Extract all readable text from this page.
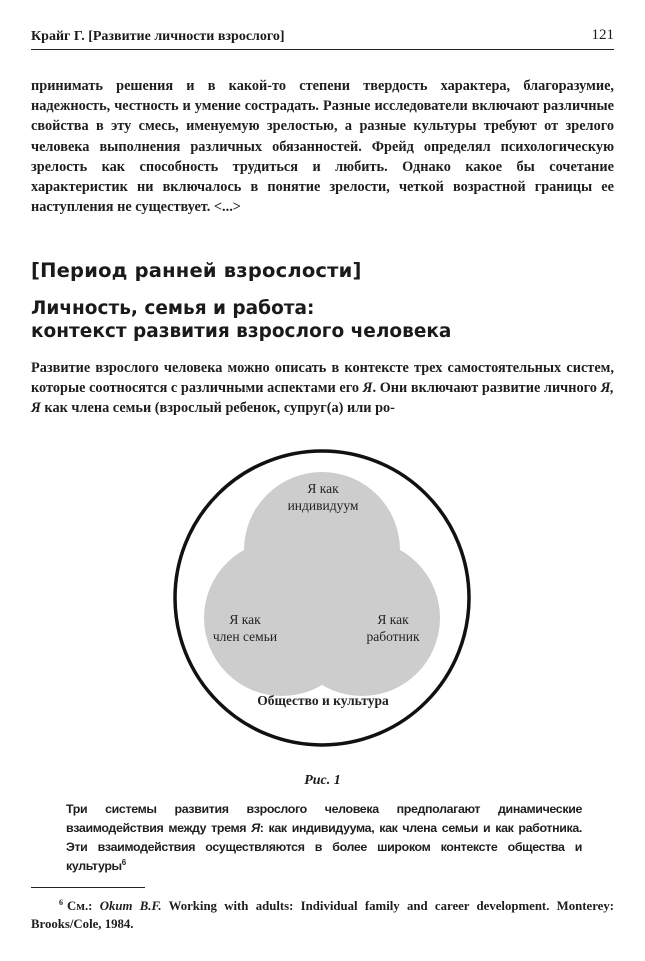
Крайг Г. [Развитие личности взрослого]	121

принимать решения и в какой-то степени твердость характера, благоразумие, надежность, честность и умение сострадать. Разные исследователи включают различные свойства в эту смесь, именуемую зрелостью, а разные культуры требуют от зрелого человека выполнения различных обязанностей. Фрейд определял психологическую зрелость как способность трудиться и любить. Однако какое бы сочетание характеристик ни включалось в понятие зрелости, четкой возрастной границы ее наступления не существует. <...>

[Период ранней взрослости]
Личность, семья и работа:
контекст развития взрослого человека

Развитие взрослого человека можно описать в контексте трех самостоятельных систем, которые соотносятся с различными аспектами его Я. Они включают развитие личного Я, Я как члена семьи (взрослый ребенок, супруг(а) или ро-

Я как
индивидуум
Я как
член семьи
Я как
работник
Общество и культура
Рис. 1
Три системы развития взрослого человека предполагают динамические взаимодействия между тремя Я: как индивидуума, как члена семьи и как работника. Эти взаимодействия осуществляются в более широком контексте общества и культуры$^6$
$^6$ См.: Okum B.F. Working with adults: Individual family and career development. Monterey: Brooks/Cole, 1984.
